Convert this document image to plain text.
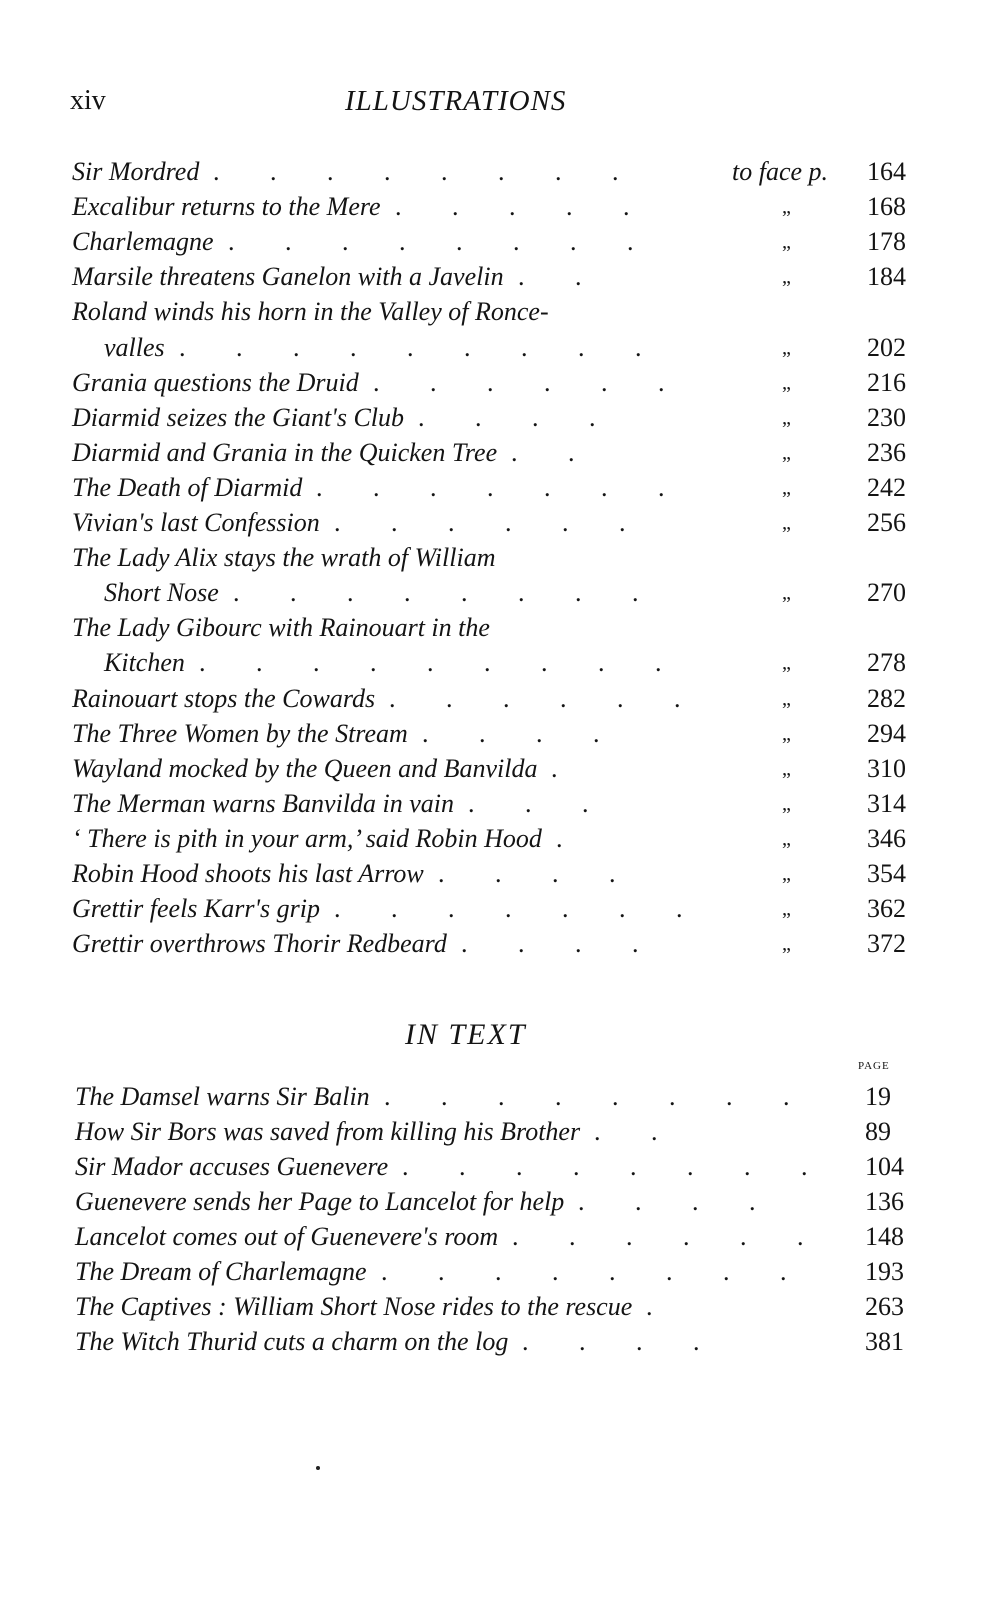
xiv	ILLUSTRATIONS
Sir Mordred . . . . . . . .	to face p. 164
Excalibur returns to the Mere . . . . .	„	168
Charlemagne . . . . . . . .	„	178
Marsile threatens Ganelon with a Javelin . .	„	184
Roland winds his horn in the Valley of Ronce-
valles . . . . . . . . .	„	202
Grania questions the Druid . . . . . .	„	216
Diarmid seizes the Giant's Club . . . .	„	230
Diarmid and Grania in the Quicken Tree . .	„	236
The Death of Diarmid . . . . . . .	„	242
Vivian's last Confession . . . . . .	„	256
The Lady Alix stays the wrath of William
Short Nose . . . . . . . .	„	270
The Lady Gibourc with Rainouart in the
Kitchen . . . . . . . . .	„	278
Rainouart stops the Cowards . . . . . .	„	282
The Three Women by the Stream . . . .	„	294
Wayland mocked by the Queen and Banvilda .	„	310
The Merman warns Banvilda in vain . . .	„	314
‘ There is pith in your arm,’ said Robin Hood .	„	346
Robin Hood shoots his last Arrow . . . .	„	354
Grettir feels Karr's grip . . . . . . .	„	362
Grettir overthrows Thorir Redbeard . . . .	„	372
IN TEXT
PAGE
The Damsel warns Sir Balin . . . . . . . . 19
How Sir Bors was saved from killing his Brother . .	89
Sir Mador accuses Guenevere . . . . . . . . 104
Guenevere sends her Page to Lancelot for help . . . .	136
Lancelot comes out of Guenevere's room . . . . . . 148
The Dream of Charlemagne . . . . . . . . 193
The Captives : William Short Nose rides to the rescue .	263
The Witch Thurid cuts a charm on the log . . . .	381
